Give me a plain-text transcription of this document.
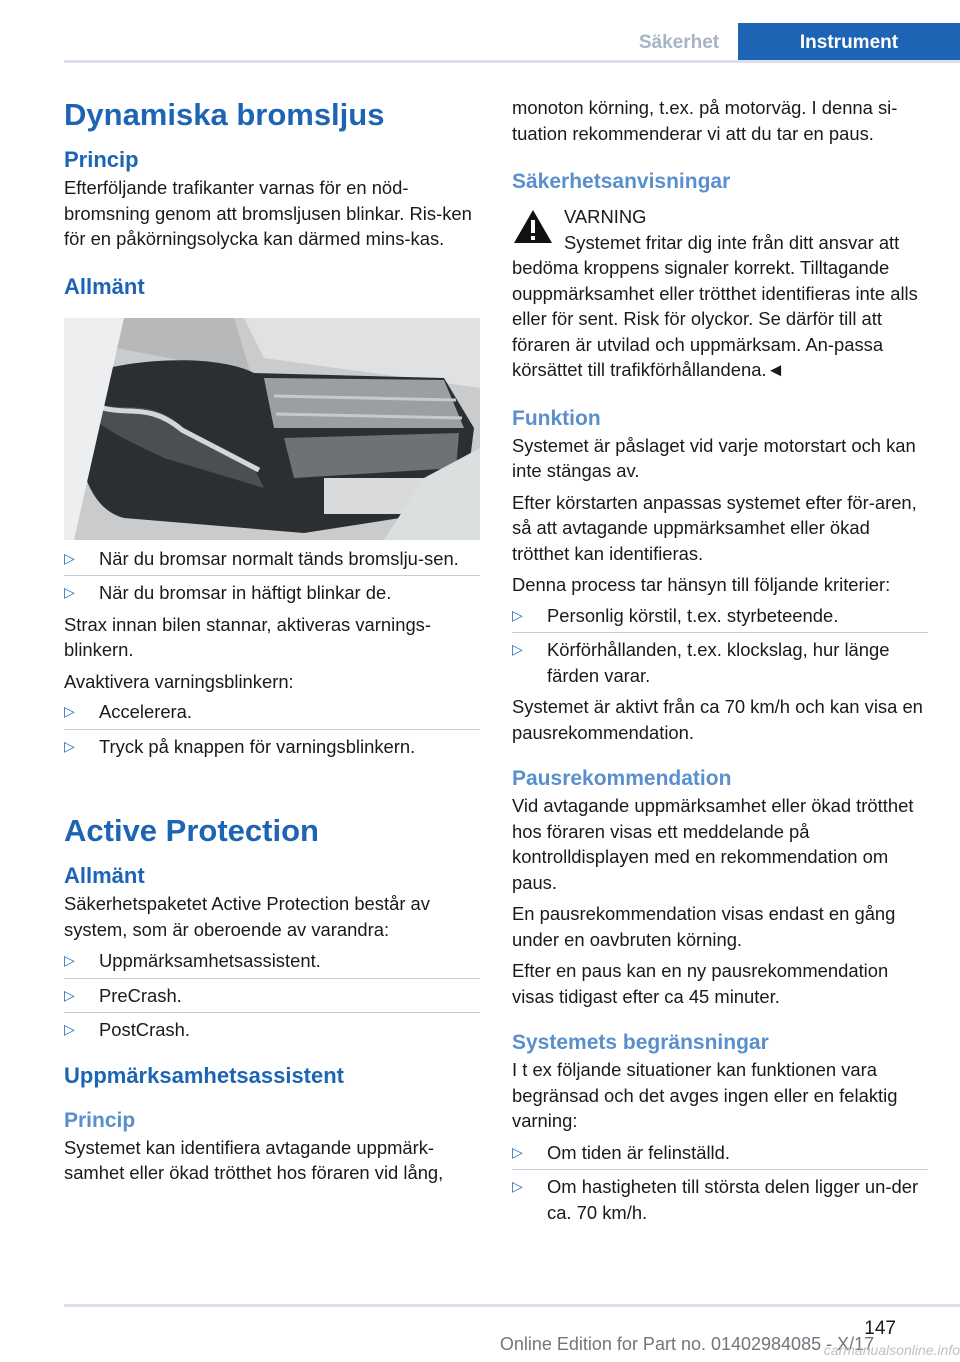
Säkerhet	Instrument
Dynamiska bromsljus
Princip

Efterföljande trafikanter varnas för en nöd-bromsning genom att bromsljusen blinkar. Ris-ken för en påkörningsolycka kan därmed mins-kas.

Allmänt
▷	När du bromsar normalt tänds bromslju-sen.
▷	När du bromsar in häftigt blinkar de.

Strax innan bilen stannar, aktiveras varnings-blinkern.

Avaktivera varningsblinkern:

▷	Accelerera.
▷	Tryck på knappen för varningsblinkern.
Active Protection
Allmänt

Säkerhetspaketet Active Protection består av system, som är oberoende av varandra:

▷	Uppmärksamhetsassistent.
▷	PreCrash.
▷	PostCrash.
Uppmärksamhetsassistent
Princip

Systemet kan identifiera avtagande uppmärk-samhet eller ökad trötthet hos föraren vid lång,

monoton körning, t.ex. på motorväg. I denna si-tuation rekommenderar vi att du tar en paus.

Säkerhetsanvisningar
VARNING
Systemet fritar dig inte från ditt ansvar att bedöma kroppens signaler korrekt. Tilltagande ouppmärksamhet eller trötthet identifieras inte alls eller för sent. Risk för olyckor. Se därför till att föraren är utvilad och uppmärksam. An-passa körsättet till trafikförhållandena.◄
Funktion

Systemet är påslaget vid varje motorstart och kan inte stängas av.

Efter körstarten anpassas systemet efter för-aren, så att avtagande uppmärksamhet eller ökad trötthet kan identifieras.

Denna process tar hänsyn till följande kriterier:

▷	Personlig körstil, t.ex. styrbeteende.
▷	Körförhållanden, t.ex. klockslag, hur länge färden varar.

Systemet är aktivt från ca 70 km/h och kan visa en pausrekommendation.

Pausrekommendation

Vid avtagande uppmärksamhet eller ökad trötthet hos föraren visas ett meddelande på kontrolldisplayen med en rekommendation om paus.

En pausrekommendation visas endast en gång under en oavbruten körning.

Efter en paus kan en ny pausrekommendation visas tidigast efter ca 45 minuter.

Systemets begränsningar

I t ex följande situationer kan funktionen vara begränsad och det avges ingen eller en felaktig varning:

▷	Om tiden är felinställd.
▷	Om hastigheten till största delen ligger un-der ca. 70 km/h.
147
Online Edition for Part no. 01402984085 - X/17
carmanualsonline.info
